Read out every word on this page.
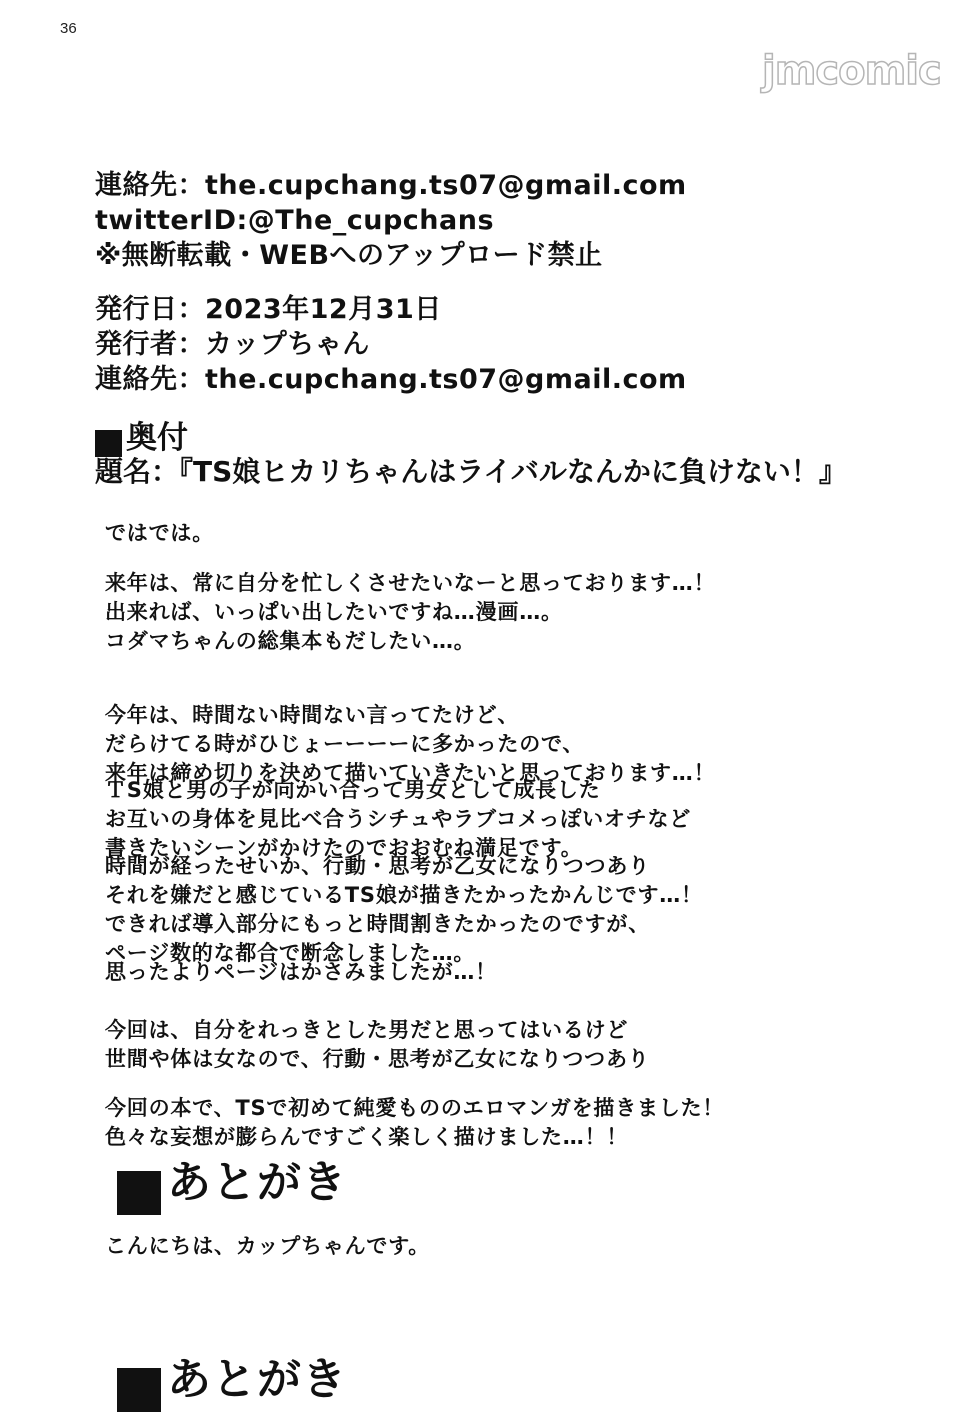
36
jmcomic
連絡先：the.cupchang.ts07@gmail.com
twitterID:@The_cupchans
※無断転載・WEBへのアップロード禁止
発行日：2023年12月31日
発行者：カップちゃん
連絡先：the.cupchang.ts07@gmail.com
奥付
題名：『TS娘ヒカリちゃんはライバルなんかに負けない！』
ではでは。
来年は、常に自分を忙しくさせたいなーと思っております…！
出来れば、いっぱい出したいですね…漫画…。
コダマちゃんの総集本もだしたい…。
今年は、時間ない時間ない言ってたけど、
だらけてる時がひじょーーーーに多かったので、
来年は締め切りを決めて描いていきたいと思っております…！
ＴS娘と男の子が向かい合って男女として成長した
お互いの身体を見比べ合うシチュやラブコメっぽいオチなど
書きたいシーンがかけたのでおおむね満足です。
時間が経ったせいか、行動・思考が乙女になりつつあり
それを嫌だと感じているTS娘が描きたかったかんじです…！
できれば導入部分にもっと時間割きたかったのですが、
ページ数的な都合で断念しました…。
思ったよりページはかさみましたが…！
今回は、自分をれっきとした男だと思ってはいるけど
世間や体は女なので、行動・思考が乙女になりつつあり
今回の本で、TSで初めて純愛もののエロマンガを描きました！
色々な妄想が膨らんですごく楽しく描けました…！！
あとがき
こんにちは、カップちゃんです。
あとがき
